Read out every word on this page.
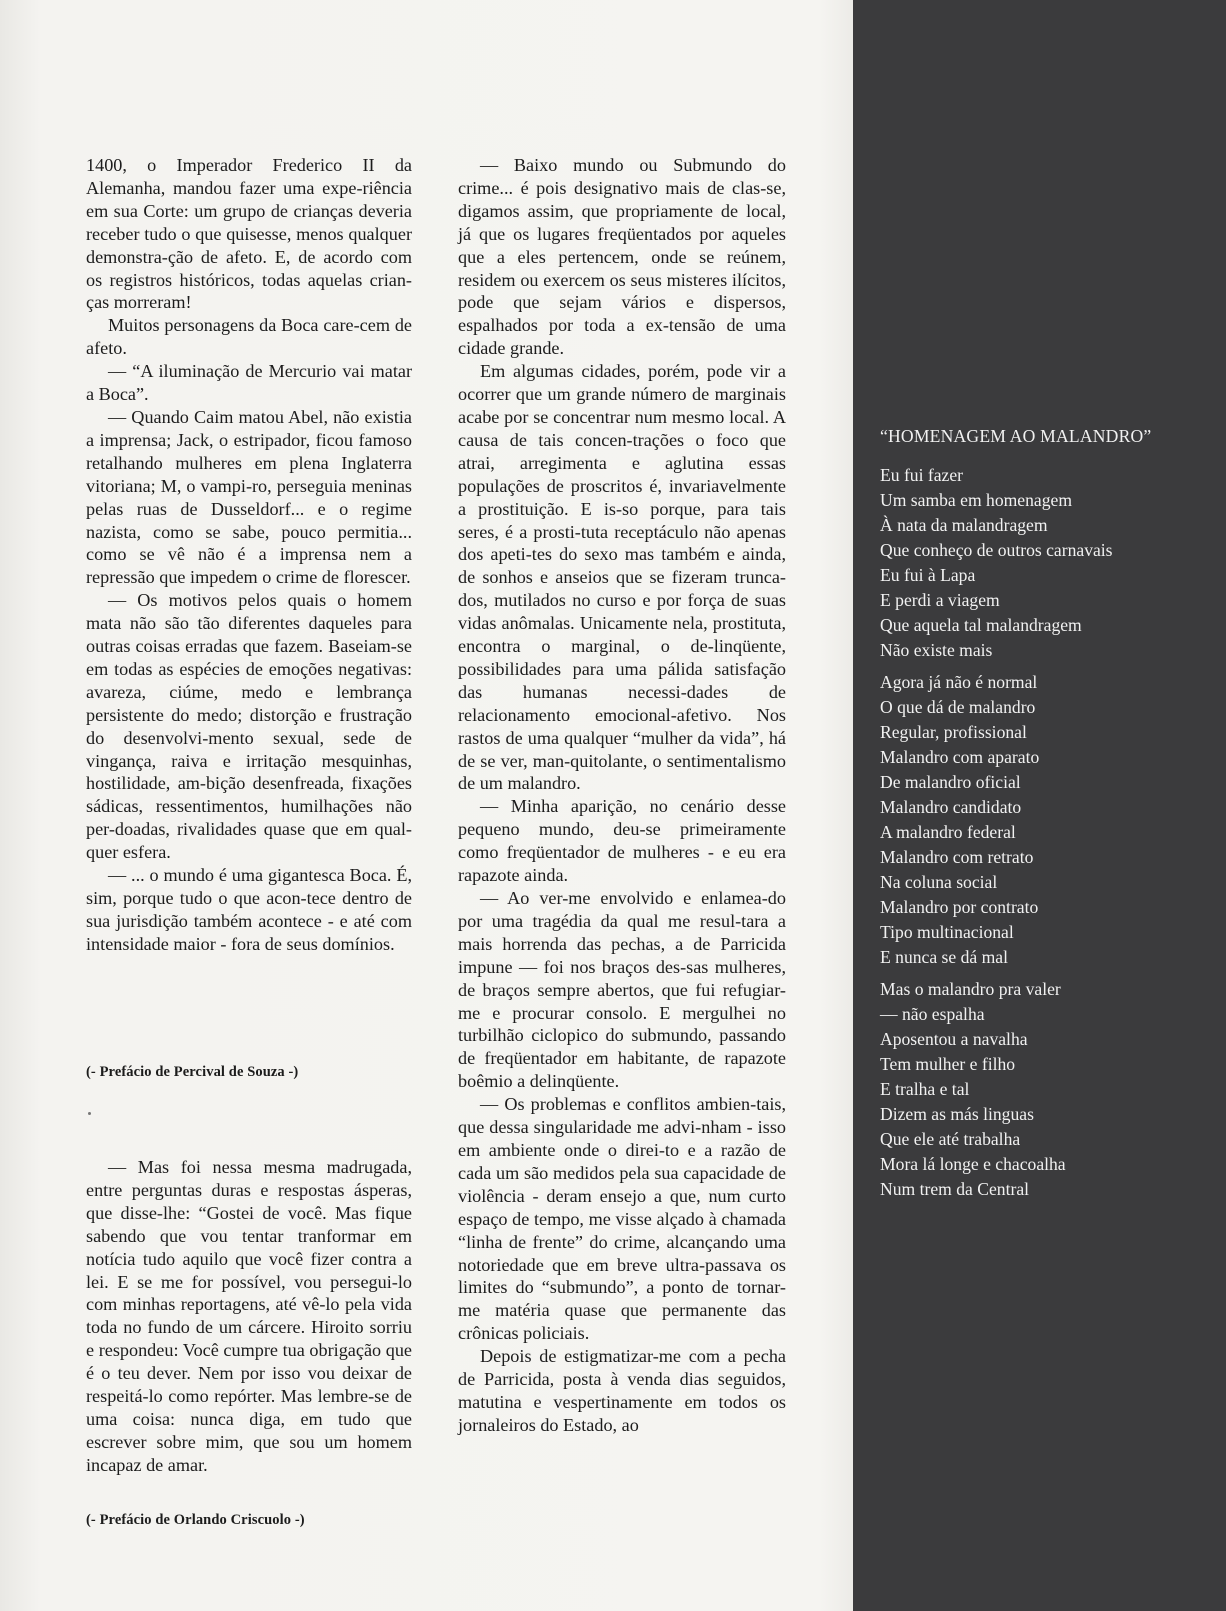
1400, o Imperador Frederico II da Alemanha, mandou fazer uma expe-riência em sua Corte: um grupo de crianças deveria receber tudo o que quisesse, menos qualquer demonstra-ção de afeto. E, de acordo com os registros históricos, todas aquelas crian-ças morreram!

Muitos personagens da Boca care-cem de afeto.

— “A iluminação de Mercurio vai matar a Boca”.

— Quando Caim matou Abel, não existia a imprensa; Jack, o estripador, ficou famoso retalhando mulheres em plena Inglaterra vitoriana; M, o vampi-ro, perseguia meninas pelas ruas de Dusseldorf... e o regime nazista, como se sabe, pouco permitia... como se vê não é a imprensa nem a repressão que impedem o crime de florescer.

— Os motivos pelos quais o homem mata não são tão diferentes daqueles para outras coisas erradas que fazem. Baseiam-se em todas as espécies de emoções negativas: avareza, ciúme, medo e lembrança persistente do medo; distorção e frustração do desenvolvi-mento sexual, sede de vingança, raiva e irritação mesquinhas, hostilidade, am-bição desenfreada, fixações sádicas, ressentimentos, humilhações não per-doadas, rivalidades quase que em qual-quer esfera.

— ... o mundo é uma gigantesca Boca. É, sim, porque tudo o que acon-tece dentro de sua jurisdição também acontece - e até com intensidade maior - fora de seus domínios.

(- Prefácio de Percival de Souza -)

— Mas foi nessa mesma madrugada, entre perguntas duras e respostas ásperas, que disse-lhe: “Gostei de você. Mas fique sabendo que vou tentar tranformar em notícia tudo aquilo que você fizer contra a lei. E se me for possível, vou persegui-lo com minhas reportagens, até vê-lo pela vida toda no fundo de um cárcere. Hiroito sorriu e respondeu: Você cumpre tua obrigação que é o teu dever. Nem por isso vou deixar de respeitá-lo como repórter. Mas lembre-se de uma coisa: nunca diga, em tudo que escrever sobre mim, que sou um homem incapaz de amar.

(- Prefácio de Orlando Criscuolo -)

— Baixo mundo ou Submundo do crime... é pois designativo mais de clas-se, digamos assim, que propriamente de local, já que os lugares freqüentados por aqueles que a eles pertencem, onde se reúnem, residem ou exercem os seus misteres ilícitos, pode que sejam vários e dispersos, espalhados por toda a ex-tensão de uma cidade grande.

Em algumas cidades, porém, pode vir a ocorrer que um grande número de marginais acabe por se concentrar num mesmo local. A causa de tais concen-trações o foco que atrai, arregimenta e aglutina essas populações de proscritos é, invariavelmente a prostituição. E is-so porque, para tais seres, é a prosti-tuta receptáculo não apenas dos apeti-tes do sexo mas também e ainda, de sonhos e anseios que se fizeram trunca-dos, mutilados no curso e por força de suas vidas anômalas. Unicamente nela, prostituta, encontra o marginal, o de-linqüente, possibilidades para uma pálida satisfação das humanas necessi-dades de relacionamento emocional-afetivo. Nos rastos de uma qualquer “mulher da vida”, há de se ver, man-quitolante, o sentimentalismo de um malandro.

— Minha aparição, no cenário desse pequeno mundo, deu-se primeiramente como freqüentador de mulheres - e eu era rapazote ainda.

— Ao ver-me envolvido e enlamea-do por uma tragédia da qual me resul-tara a mais horrenda das pechas, a de Parricida impune — foi nos braços des-sas mulheres, de braços sempre abertos, que fui refugiar-me e procurar consolo. E mergulhei no turbilhão ciclopico do submundo, passando de freqüentador em habitante, de rapazote boêmio a delinqüente.

— Os problemas e conflitos ambien-tais, que dessa singularidade me advi-nham - isso em ambiente onde o direi-to e a razão de cada um são medidos pela sua capacidade de violência - deram ensejo a que, num curto espaço de tempo, me visse alçado à chamada “linha de frente” do crime, alcançando uma notoriedade que em breve ultra-passava os limites do “submundo”, a ponto de tornar-me matéria quase que permanente das crônicas policiais.

Depois de estigmatizar-me com a pecha de Parricida, posta à venda dias seguidos, matutina e vespertinamente em todos os jornaleiros do Estado, ao

“HOMENAGEM AO MALANDRO”
Eu fui fazer
Um samba em homenagem
À nata da malandragem
Que conheço de outros carnavais
Eu fui à Lapa
E perdi a viagem
Que aquela tal malandragem
Não existe mais
Agora já não é normal
O que dá de malandro
Regular, profissional
Malandro com aparato
De malandro oficial
Malandro candidato
A malandro federal
Malandro com retrato
Na coluna social
Malandro por contrato
Tipo multinacional
E nunca se dá mal
Mas o malandro pra valer
— não espalha
Aposentou a navalha
Tem mulher e filho
E tralha e tal
Dizem as más linguas
Que ele até trabalha
Mora lá longe e chacoalha
Num trem da Central
